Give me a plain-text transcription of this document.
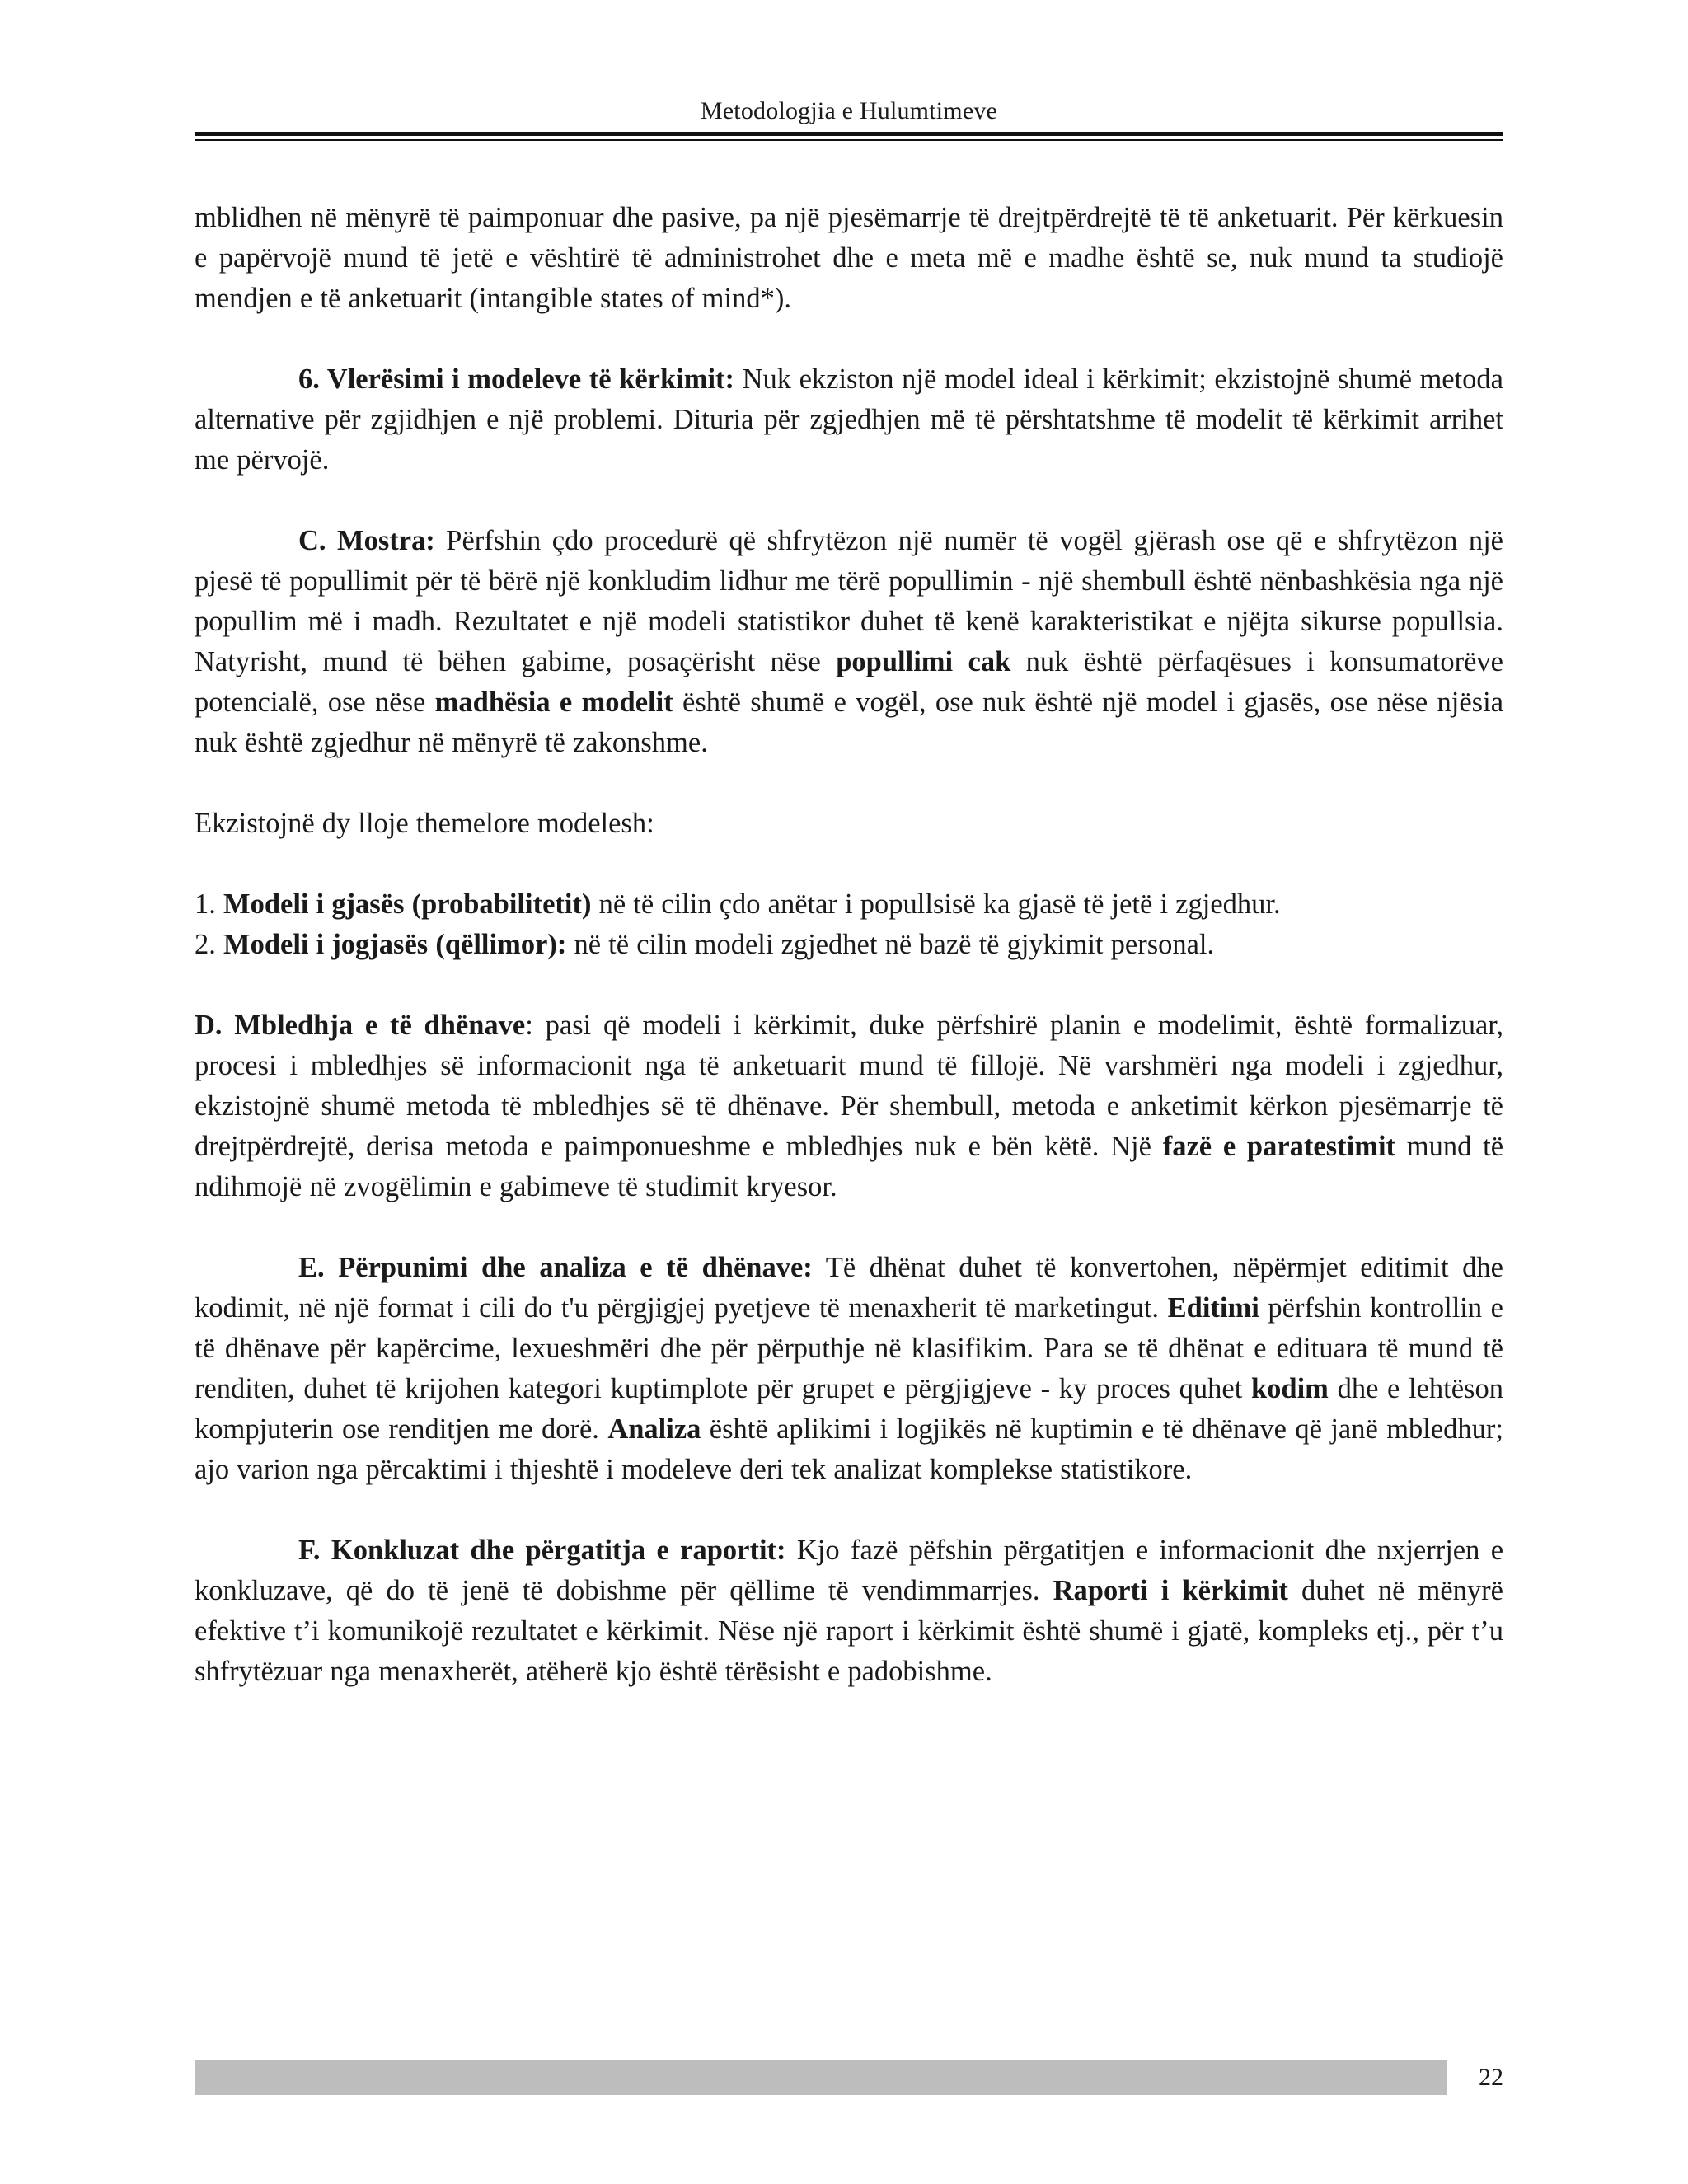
Metodologjia e Hulumtimeve

mblidhen në mënyrë të paimponuar dhe pasive, pa një pjesëmarrje të drejtpërdrejtë të të anketuarit. Për kërkuesin e papërvojë mund të jetë e vështirë të administrohet dhe e meta më e madhe është se, nuk mund ta studiojë mendjen e të anketuarit (intangible states of mind*).

6. Vlerësimi i modeleve të kërkimit: Nuk ekziston një model ideal i kërkimit; ekzistojnë shumë metoda alternative për zgjidhjen e një problemi. Dituria për zgjedhjen më të përshtatshme të modelit të kërkimit arrihet me përvojë.

C. Mostra: Përfshin çdo procedurë që shfrytëzon një numër të vogël gjërash ose që e shfrytëzon një pjesë të popullimit për të bërë një konkludim lidhur me tërë popullimin - një shembull është nënbashkësia nga një popullim më i madh. Rezultatet e një modeli statistikor duhet të kenë karakteristikat e njëjta sikurse popullsia. Natyrisht, mund të bëhen gabime, posaçërisht nëse popullimi cak nuk është përfaqësues i konsumatorëve potencialë, ose nëse madhësia e modelit është shumë e vogël, ose nuk është një model i gjasës, ose nëse njësia nuk është zgjedhur në mënyrë të zakonshme.

Ekzistojnë dy lloje themelore modelesh:

1. Modeli i gjasës (probabilitetit) në të cilin çdo anëtar i popullsisë ka gjasë të jetë i zgjedhur.

2. Modeli i jogjasës (qëllimor): në të cilin modeli zgjedhet në bazë të gjykimit personal.

D. Mbledhja e të dhënave: pasi që modeli i kërkimit, duke përfshirë planin e modelimit, është formalizuar, procesi i mbledhjes së informacionit nga të anketuarit mund të fillojë. Në varshmëri nga modeli i zgjedhur, ekzistojnë shumë metoda të mbledhjes së të dhënave. Për shembull, metoda e anketimit kërkon pjesëmarrje të drejtpërdrejtë, derisa metoda e paimponueshme e mbledhjes nuk e bën këtë. Një fazë e paratestimit mund të ndihmojë në zvogëlimin e gabimeve të studimit kryesor.

E. Përpunimi dhe analiza e të dhënave: Të dhënat duhet të konvertohen, nëpërmjet editimit dhe kodimit, në një format i cili do t'u përgjigjej pyetjeve të menaxherit të marketingut. Editimi përfshin kontrollin e të dhënave për kapërcime, lexueshmëri dhe për përputhje në klasifikim. Para se të dhënat e edituara të mund të renditen, duhet të krijohen kategori kuptimplote për grupet e përgjigjeve - ky proces quhet kodim dhe e lehtëson kompjuterin ose renditjen me dorë. Analiza është aplikimi i logjikës në kuptimin e të dhënave që janë mbledhur; ajo varion nga përcaktimi i thjeshtë i modeleve deri tek analizat komplekse statistikore.

F. Konkluzat dhe përgatitja e raportit: Kjo fazë pëfshin përgatitjen e informacionit dhe nxjerrjen e konkluzave, që do të jenë të dobishme për qëllime të vendimmarrjes. Raporti i kërkimit duhet në mënyrë efektive t’i komunikojë rezultatet e kërkimit. Nëse një raport i kërkimit është shumë i gjatë, kompleks etj., për t’u shfrytëzuar nga menaxherët, atëherë kjo është tërësisht e padobishme.

22
